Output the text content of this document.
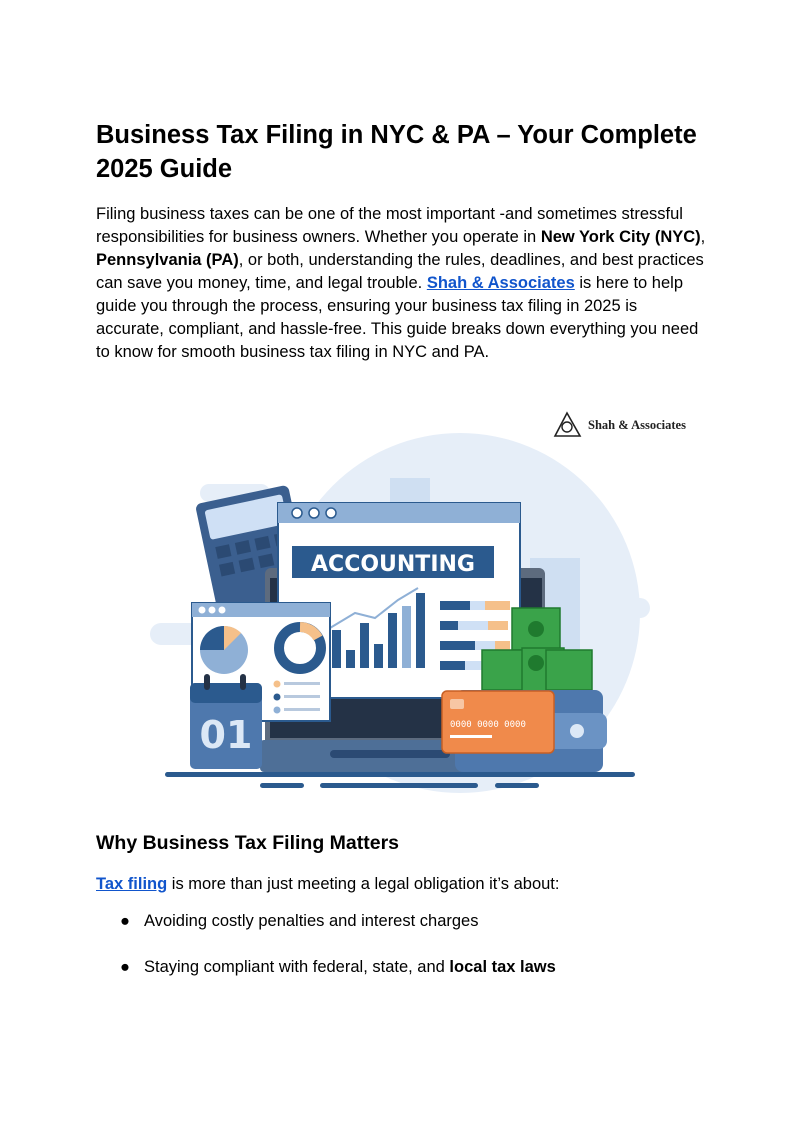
Business Tax Filing in NYC & PA – Your Complete 2025 Guide

Filing business taxes can be one of the most important -and sometimes stressful responsibilities for business owners. Whether you operate in New York City (NYC), Pennsylvania (PA), or both, understanding the rules, deadlines, and best practices can save you money, time, and legal trouble. Shah & Associates is here to help guide you through the process, ensuring your business tax filing in 2025 is accurate, compliant, and hassle-free. This guide breaks down everything you need to know for smooth business tax filing in NYC and PA.

Shah & Associates
ACCOUNTING
01	0000 0000 0000
Why Business Tax Filing Matters

Tax filing is more than just meeting a legal obligation it’s about:

● Avoiding costly penalties and interest charges
● Staying compliant with federal, state, and local tax laws
